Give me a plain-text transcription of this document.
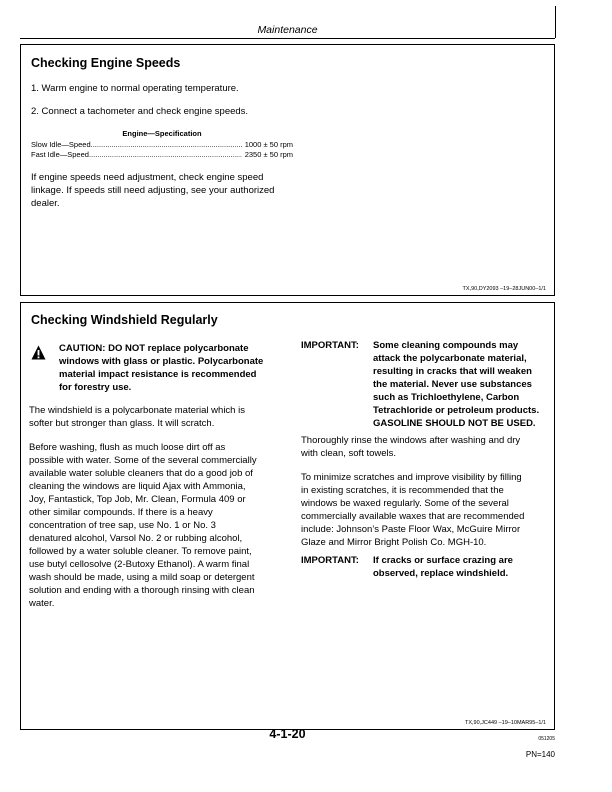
Maintenance
Checking Engine Speeds
1. Warm engine to normal operating temperature.
2. Connect a tachometer and check engine speeds.
Engine—Specification
Slow Idle—Speed .....	1000 ± 50 rpm
Fast Idle—Speed .....	2350 ± 50 rpm
If engine speeds need adjustment, check engine speed
linkage. If speeds still need adjusting, see your authorized
dealer.
TX,90,DY2093 –19–28JUN00–1/1
Checking Windshield Regularly
CAUTION: DO NOT replace polycarbonate
windows with glass or plastic. Polycarbonate
material impact resistance is recommended
for forestry use.
The windshield is a polycarbonate material which is
softer but stronger than glass. It will scratch.
Before washing, flush as much loose dirt off as
possible with water. Some of the several commercially
available water soluble cleaners that do a good job of
cleaning the windows are liquid Ajax with Ammonia,
Joy, Fantastick, Top Job, Mr. Clean, Formula 409 or
other similar compounds. If there is a heavy
concentration of tree sap, use No. 1 or No. 3
denatured alcohol, Varsol No. 2 or rubbing alcohol,
followed by a water soluble cleaner. To remove paint,
use butyl cellosolve (2-Butoxy Ethanol). A warm final
wash should be made, using a mild soap or detergent
solution and ending with a thorough rinsing with clean
water.
IMPORTANT: Some cleaning compounds may
attack the polycarbonate material,
resulting in cracks that will weaken
the material. Never use substances
such as Trichloethylene, Carbon
Tetrachloride or petroleum products.
GASOLINE SHOULD NOT BE USED.
Thoroughly rinse the windows after washing and dry
with clean, soft towels.
To minimize scratches and improve visibility by filling
in existing scratches, it is recommended that the
windows be waxed regularly. Some of the several
commercially available waxes that are recommended
include: Johnson’s Paste Floor Wax, McGuire Mirror
Glaze and Mirror Bright Polish Co. MGH-10.
IMPORTANT: If cracks or surface crazing are
observed, replace windshield.
TX,90,JC449 –19–10MAR95–1/1
4-1-20	051205
PN=140
